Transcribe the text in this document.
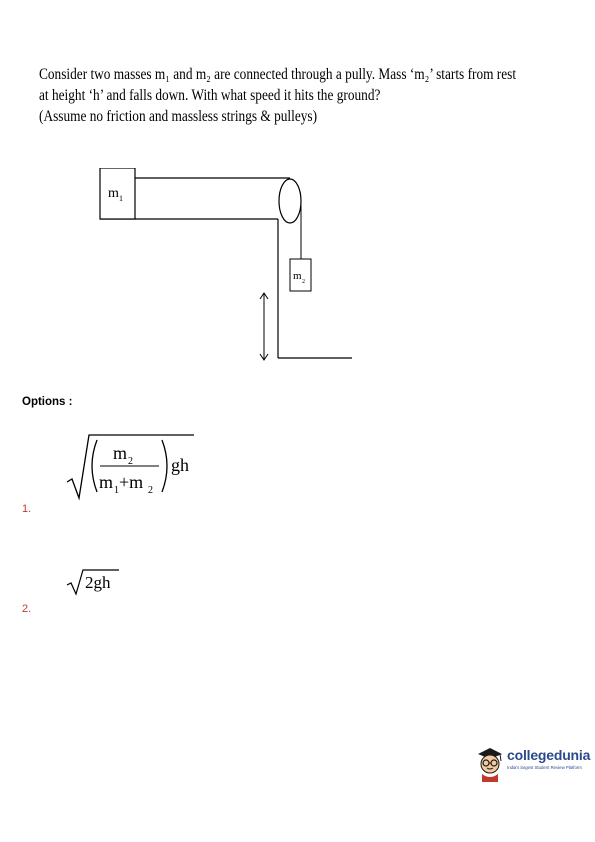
Consider two masses m₁ and m₂ are connected through a pully. Mass ‘m₂’ starts from rest
at height ‘h’ and falls down. With what speed it hits the ground?
(Assume no friction and massless strings & pulleys)
m 1
m 2
Options :
m 2
m 1 +m 2
gh
1.
2gh
2.
collegedunia
India's largest Student Review Platform
